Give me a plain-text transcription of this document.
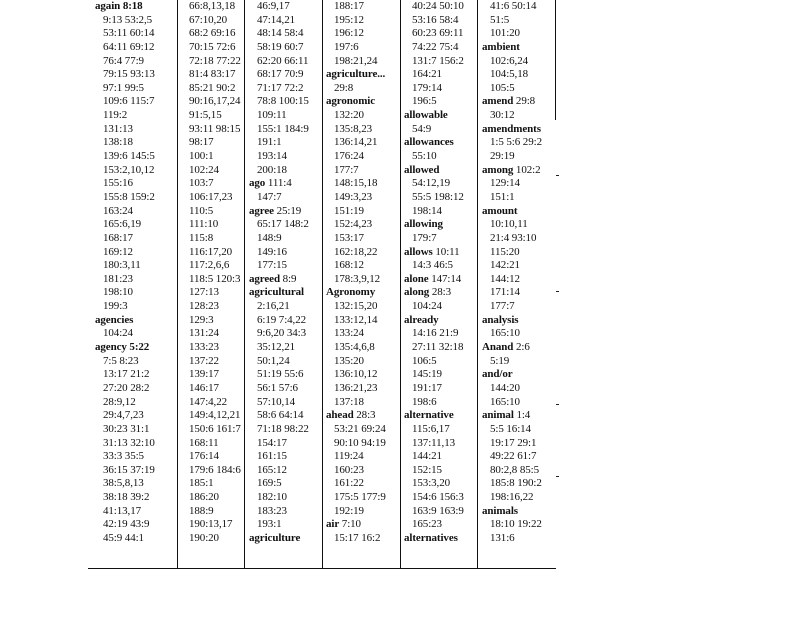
again 8:18
9:13 53:2,5
53:11 60:14
64:11 69:12
76:4 77:9
79:15 93:13
97:1 99:5
109:6 115:7
119:2
131:13
138:18
139:6 145:5
153:2,10,12
155:16
155:8 159:2
163:24
165:6,19
168:17
169:12
180:3,11
181:23
198:10
199:3
agencies
104:24
agency 5:22
7:5 8:23
13:17 21:2
27:20 28:2
28:9,12
29:4,7,23
30:23 31:1
31:13 32:10
33:3 35:5
36:15 37:19
38:5,8,13
38:18 39:2
41:13,17
42:19 43:9
45:9 44:1
66:8,13,18
67:10,20
68:2 69:16
70:15 72:6
72:18 77:22
81:4 83:17
85:21 90:2
90:16,17,24
91:5,15
93:11 98:15
98:17
100:1
102:24
103:7
106:17,23
110:5
111:10
115:8
116:17,20
117:2,6,6
118:5 120:3
127:13
128:23
129:3
131:24
133:23
137:22
139:17
146:17
147:4,22
149:4,12,21
150:6 161:7
168:11
176:14
179:6 184:6
185:1
186:20
188:9
190:13,17
190:20
46:9,17
47:14,21
48:14 58:4
58:19 60:7
62:20 66:11
68:17 70:9
71:17 72:2
78:8 100:15
109:11
155:1 184:9
191:1
193:14
200:18
ago 111:4
147:7
agree 25:19
65:17 148:2
148:9
149:16
177:15
agreed 8:9
agricultural
2:16,21
6:19 7:4,22
9:6,20 34:3
35:12,21
50:1,24
51:19 55:6
56:1 57:6
57:10,14
58:6 64:14
71:18 98:22
154:17
161:15
165:12
169:5
182:10
183:23
193:1
agriculture
188:17
195:12
196:12
197:6
198:21,24
agriculture...
29:8
agronomic
132:20
135:8,23
136:14,21
176:24
177:7
148:15,18
149:3,23
151:19
152:4,23
153:17
162:18,22
168:12
178:3,9,12
Agronomy
132:15,20
133:12,14
133:24
135:4,6,8
135:20
136:10,12
136:21,23
137:18
ahead 28:3
53:21 69:24
90:10 94:19
119:24
160:23
161:22
175:5 177:9
192:19
air 7:10
15:17 16:2
40:24 50:10
53:16 58:4
60:23 69:11
74:22 75:4
131:7 156:2
164:21
179:14
196:5
allowable
54:9
allowances
55:10
allowed
54:12,19
55:5 198:12
198:14
allowing
179:7
allows 10:11
14:3 46:5
alone 147:14
along 28:3
104:24
already
14:16 21:9
27:11 32:18
106:5
145:19
191:17
198:6
alternative
115:6,17
137:11,13
144:21
152:15
153:3,20
154:6 156:3
163:9 163:9
165:23
alternatives
41:6 50:14
51:5
101:20
ambient
102:6,24
104:5,18
105:5
amend 29:8
30:12
amendments
1:5 5:6 29:2
29:19
among 102:2
129:14
151:1
amount
10:10,11
21:4 93:10
115:20
142:21
144:12
171:14
177:7
analysis
165:10
Anand 2:6
5:19
and/or
144:20
165:10
animal 1:4
5:5 16:14
19:17 29:1
49:22 61:7
80:2,8 85:5
185:8 190:2
198:16,22
animals
18:10 19:22
131:6
